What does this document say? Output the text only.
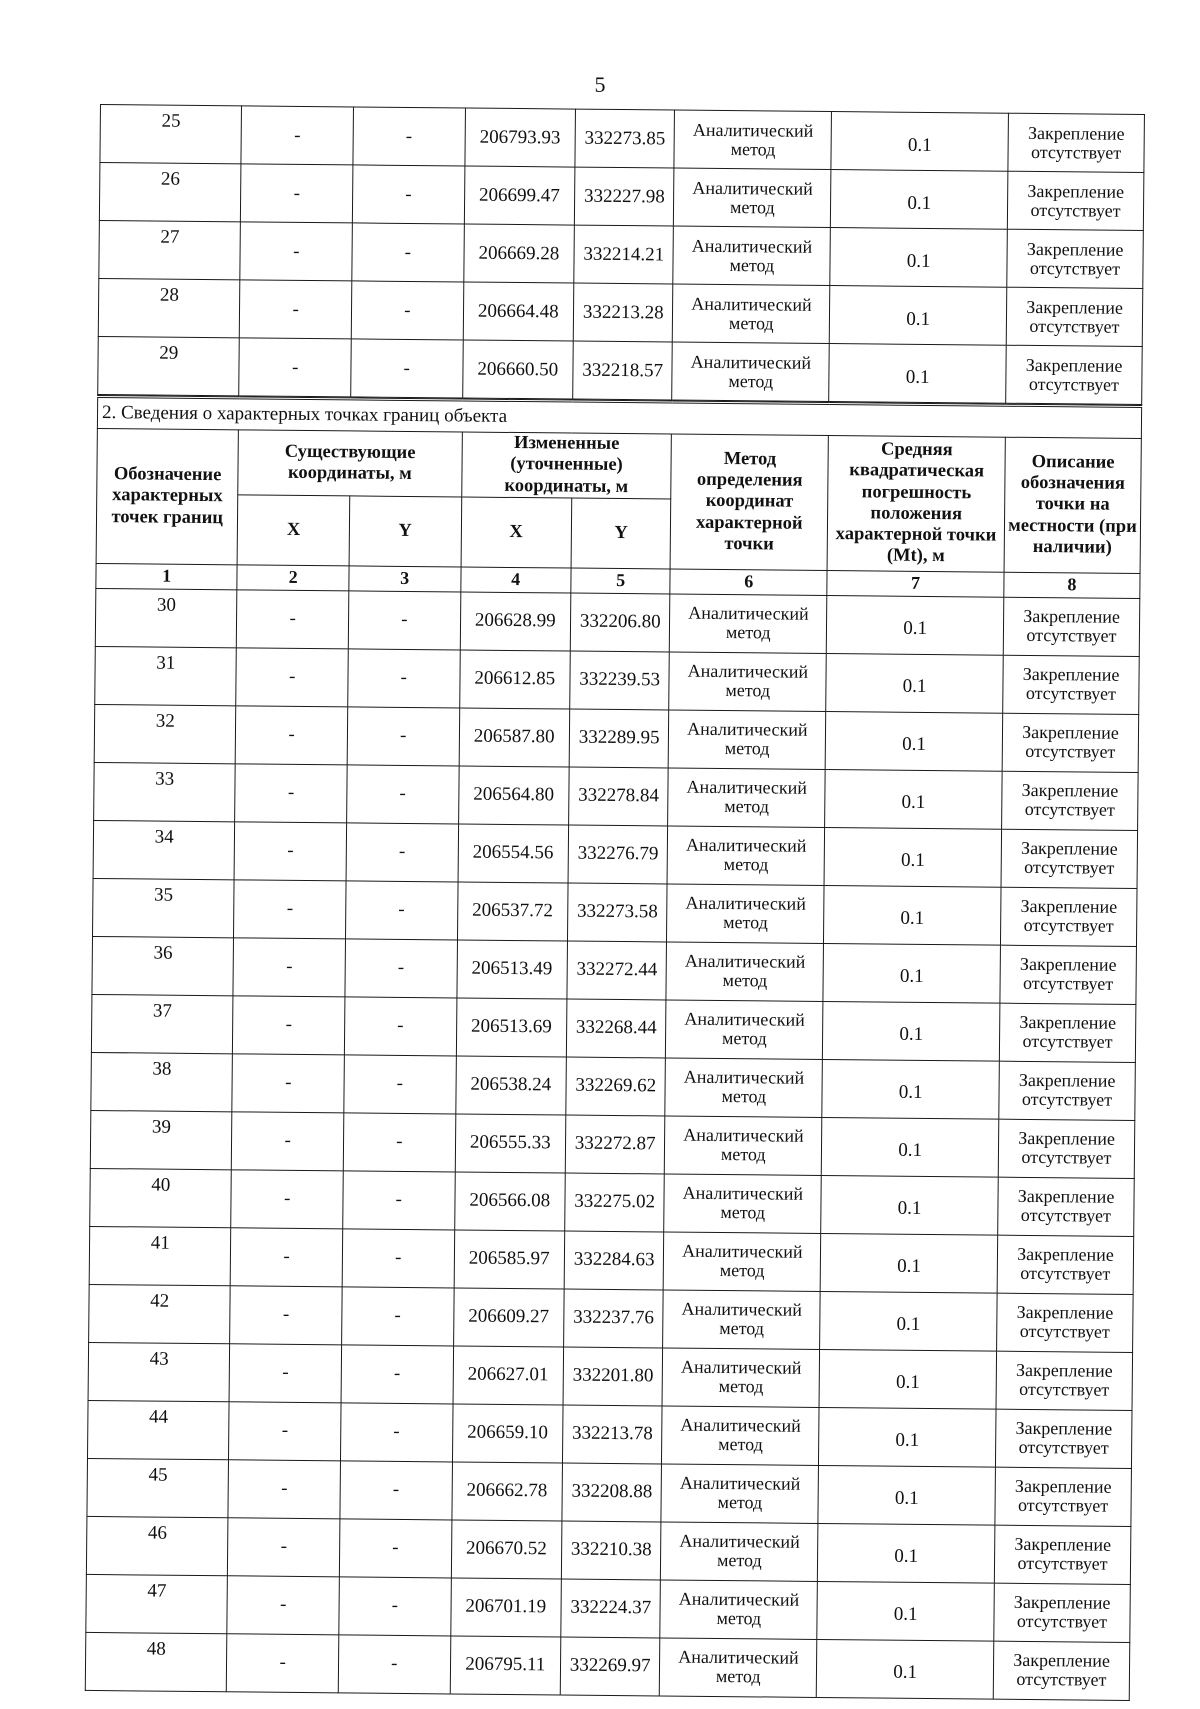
5
25	-	-	206793.93	332273.85	Аналитический метод	0.1	Закрепление отсутствует
26	-	-	206699.47	332227.98	Аналитический метод	0.1	Закрепление отсутствует
27	-	-	206669.28	332214.21	Аналитический метод	0.1	Закрепление отсутствует
28	-	-	206664.48	332213.28	Аналитический метод	0.1	Закрепление отсутствует
29	-	-	206660.50	332218.57	Аналитический метод	0.1	Закрепление отсутствует
2. Сведения о характерных точках границ объекта							
Обозначение характерных точек границ	Существующие координаты, м		Измененные (уточненные) координаты, м		Метод определения координат характерной точки	Средняя квадратическая погрешность положения характерной точки (Mt), м	Описание обозначения точки на местности (при наличии)
	X	Y	X	Y			
1	2	3	4	5	6	7	8
30	-	-	206628.99	332206.80	Аналитический метод	0.1	Закрепление отсутствует
31	-	-	206612.85	332239.53	Аналитический метод	0.1	Закрепление отсутствует
32	-	-	206587.80	332289.95	Аналитический метод	0.1	Закрепление отсутствует
33	-	-	206564.80	332278.84	Аналитический метод	0.1	Закрепление отсутствует
34	-	-	206554.56	332276.79	Аналитический метод	0.1	Закрепление отсутствует
35	-	-	206537.72	332273.58	Аналитический метод	0.1	Закрепление отсутствует
36	-	-	206513.49	332272.44	Аналитический метод	0.1	Закрепление отсутствует
37	-	-	206513.69	332268.44	Аналитический метод	0.1	Закрепление отсутствует
38	-	-	206538.24	332269.62	Аналитический метод	0.1	Закрепление отсутствует
39	-	-	206555.33	332272.87	Аналитический метод	0.1	Закрепление отсутствует
40	-	-	206566.08	332275.02	Аналитический метод	0.1	Закрепление отсутствует
41	-	-	206585.97	332284.63	Аналитический метод	0.1	Закрепление отсутствует
42	-	-	206609.27	332237.76	Аналитический метод	0.1	Закрепление отсутствует
43	-	-	206627.01	332201.80	Аналитический метод	0.1	Закрепление отсутствует
44	-	-	206659.10	332213.78	Аналитический метод	0.1	Закрепление отсутствует
45	-	-	206662.78	332208.88	Аналитический метод	0.1	Закрепление отсутствует
46	-	-	206670.52	332210.38	Аналитический метод	0.1	Закрепление отсутствует
47	-	-	206701.19	332224.37	Аналитический метод	0.1	Закрепление отсутствует
48	-	-	206795.11	332269.97	Аналитический метод	0.1	Закрепление отсутствует
